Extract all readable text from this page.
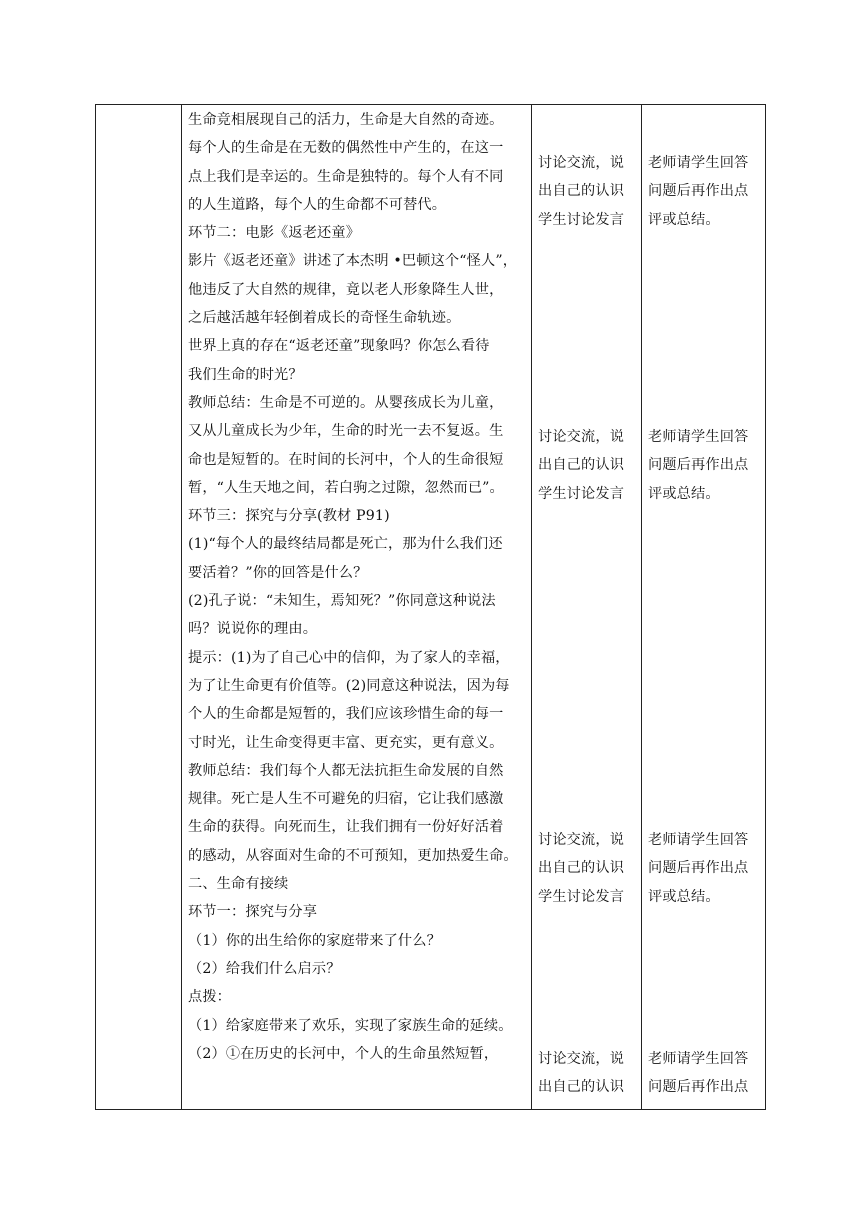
生命竞相展现自己的活力，生命是大自然的奇迹。
每个人的生命是在无数的偶然性中产生的，在这一
点上我们是幸运的。生命是独特的。每个人有不同
的人生道路，每个人的生命都不可替代。
环节二：电影《返老还童》
影片《返老还童》讲述了本杰明 •巴顿这个“怪人”，
他违反了大自然的规律，竟以老人形象降生人世，
之后越活越年轻倒着成长的奇怪生命轨迹。
世界上真的存在“返老还童”现象吗？你怎么看待
我们生命的时光？
教师总结：生命是不可逆的。从婴孩成长为儿童，
又从儿童成长为少年，生命的时光一去不复返。生
命也是短暂的。在时间的长河中，个人的生命很短
暂，“人生天地之间，若白驹之过隙，忽然而已”。
环节三：探究与分享(教材 P91)
(1)“每个人的最终结局都是死亡，那为什么我们还
要活着？”你的回答是什么？
(2)孔子说：“未知生，焉知死？”你同意这种说法
吗？说说你的理由。
提示：(1)为了自己心中的信仰，为了家人的幸福，
为了让生命更有价值等。(2)同意这种说法，因为每
个人的生命都是短暂的，我们应该珍惜生命的每一
寸时光，让生命变得更丰富、更充实，更有意义。
教师总结：我们每个人都无法抗拒生命发展的自然
规律。死亡是人生不可避免的归宿，它让我们感激
生命的获得。向死而生，让我们拥有一份好好活着
的感动，从容面对生命的不可预知，更加热爱生命。
二、生命有接续
环节一：探究与分享
（1）你的出生给你的家庭带来了什么？
（2）给我们什么启示？
点拨：
（1）给家庭带来了欢乐，实现了家族生命的延续。
（2）①在历史的长河中，个人的生命虽然短暂，
讨论交流，说
出自己的认识
学生讨论发言
老师请学生回答
问题后再作出点
评或总结。
讨论交流，说
出自己的认识
学生讨论发言
老师请学生回答
问题后再作出点
评或总结。
讨论交流，说
出自己的认识
学生讨论发言
老师请学生回答
问题后再作出点
评或总结。
讨论交流，说
出自己的认识
老师请学生回答
问题后再作出点
